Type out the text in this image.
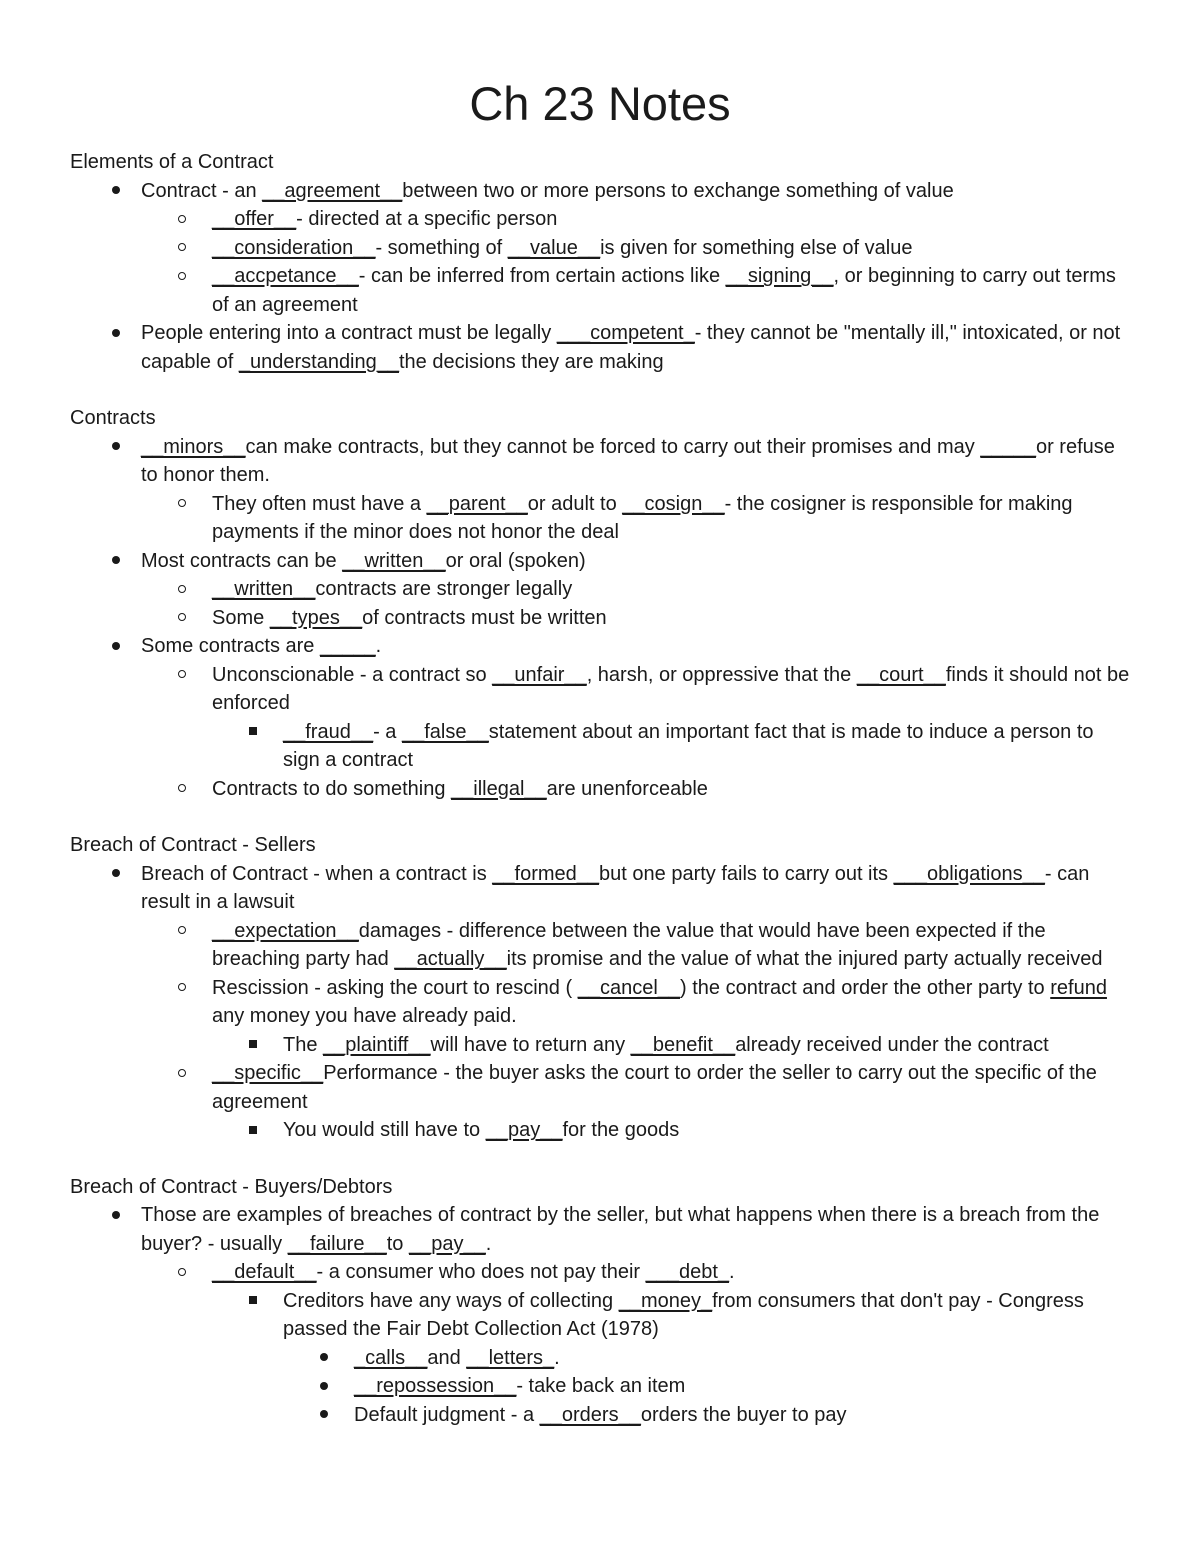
Ch 23 Notes
Elements of a Contract
Contract - an __agreement__between two or more persons to exchange something of value
__offer__- directed at a specific person
__consideration__- something of __value__is given for something else of value
__accpetance__- can be inferred from certain actions like __signing__, or beginning to carry out terms of an agreement
People entering into a contract must be legally ___competent_- they cannot be "mentally ill," intoxicated, or not capable of _understanding__the decisions they are making
Contracts
__minors__can make contracts, but they cannot be forced to carry out their promises and may _____or refuse to honor them.
They often must have a __parent__or adult to __cosign__- the cosigner is responsible for making payments if the minor does not honor the deal
Most contracts can be __written__or oral (spoken)
__written__contracts are stronger legally
Some __types__of contracts must be written
Some contracts are _____.
Unconscionable - a contract so __unfair__, harsh, or oppressive that the __court__finds it should not be enforced
__fraud__- a __false__statement about an important fact that is made to induce a person to sign a contract
Contracts to do something __illegal__are unenforceable
Breach of Contract - Sellers
Breach of Contract - when a contract is __formed__but one party fails to carry out its ___obligations__- can result in a lawsuit
__expectation__damages - difference between the value that would have been expected if the breaching party had __actually__its promise and the value of what the injured party actually received
Rescission - asking the court to rescind ( __cancel__) the contract and order the other party to refund any money you have already paid.
The __plaintiff__will have to return any __benefit__already received under the contract
__specific__Performance - the buyer asks the court to order the seller to carry out the specific of the agreement
You would still have to __pay__for the goods
Breach of Contract - Buyers/Debtors
Those are examples of breaches of contract by the seller, but what happens when there is a breach from the buyer? - usually __failure__to __pay__.
__default__- a consumer who does not pay their ___debt_.
Creditors have any ways of collecting __money_from consumers that don't pay - Congress passed the Fair Debt Collection Act (1978)
_calls__and __letters_.
__repossession__- take back an item
Default judgment - a __orders__orders the buyer to pay
